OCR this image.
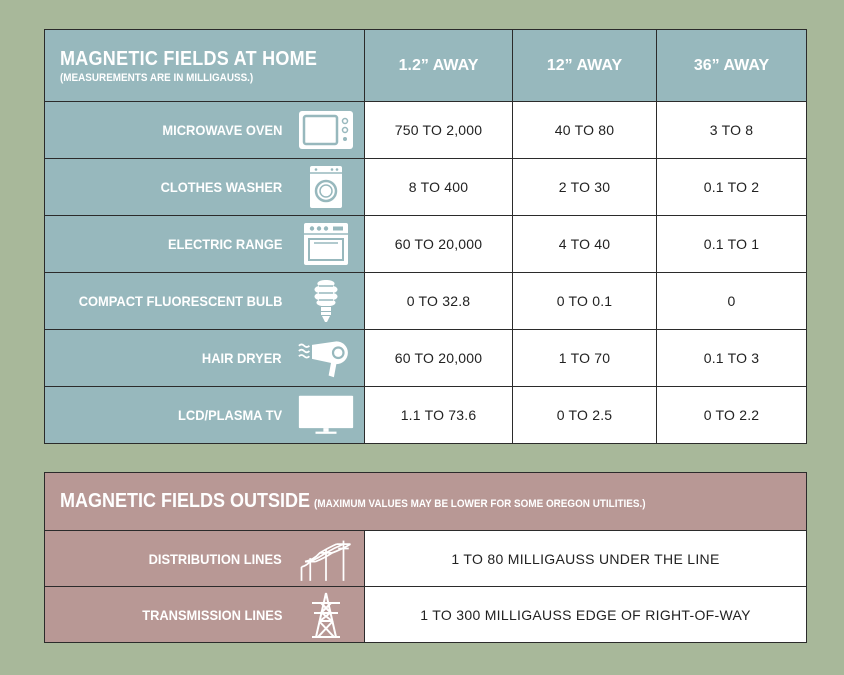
MAGNETIC FIELDS AT HOME
(MEASUREMENTS ARE IN MILLIGAUSS.)	1.2” AWAY	12” AWAY	36” AWAY

MICROWAVE OVEN	750 TO 2,000	40 TO 80	3 TO 8

CLOTHES WASHER	8 TO 400	2 TO 30	0.1 TO 2

ELECTRIC RANGE	60 TO 20,000	4 TO 40	0.1 TO 1

COMPACT FLUORESCENT BULB	0 TO 32.8	0 TO 0.1	0

HAIR DRYER	60 TO 20,000	1 TO 70	0.1 TO 3

LCD/PLASMA TV	1.1 TO 73.6	0 TO 2.5	0 TO 2.2
MAGNETIC FIELDS OUTSIDE (MAXIMUM VALUES MAY BE LOWER FOR SOME OREGON UTILITIES.)	

DISTRIBUTION LINES	1 TO 80 MILLIGAUSS UNDER THE LINE

TRANSMISSION LINES	1 TO 300 MILLIGAUSS EDGE OF RIGHT-OF-WAY
